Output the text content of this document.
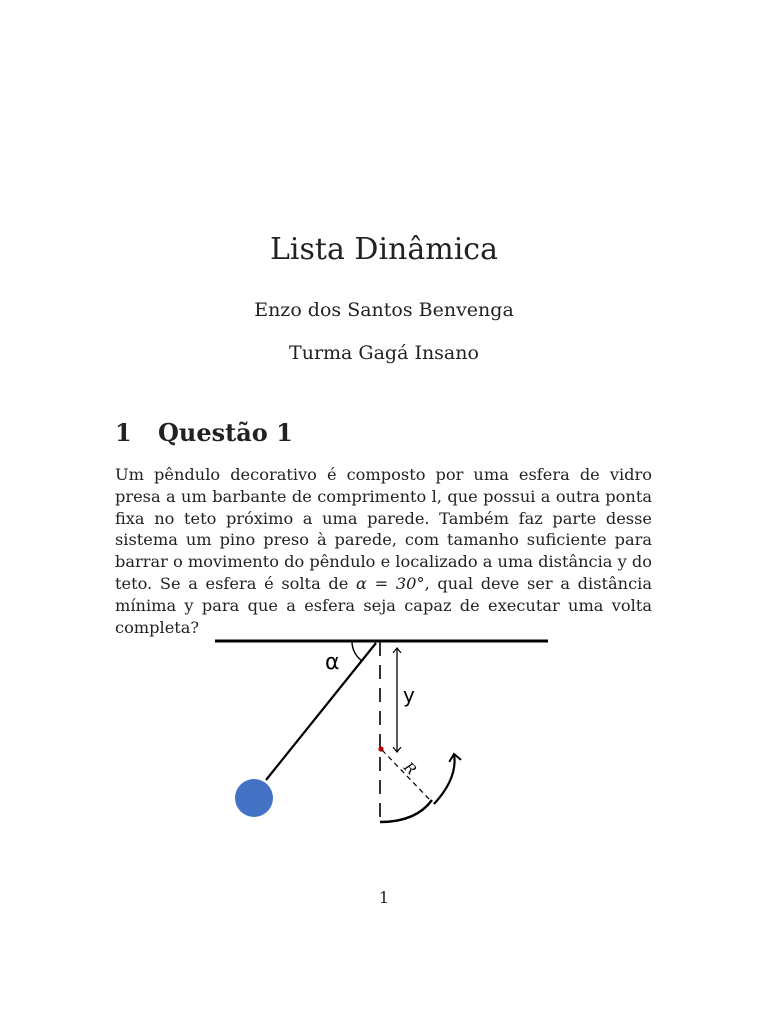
Lista Dinâmica
Enzo dos Santos Benvenga
Turma Gagá Insano
1 Questão 1

Um pêndulo decorativo é composto por uma esfera de vidro presa a um barbante de comprimento l, que possui a outra ponta fixa no teto próximo a uma parede. Também faz parte desse sistema um pino preso à parede, com tamanho suficiente para barrar o movimento do pêndulo e localizado a uma distância y do teto. Se a esfera é solta de α = 30°, qual deve ser a distância mínima y para que a esfera seja capaz de executar uma volta completa?

α
y
R
1
